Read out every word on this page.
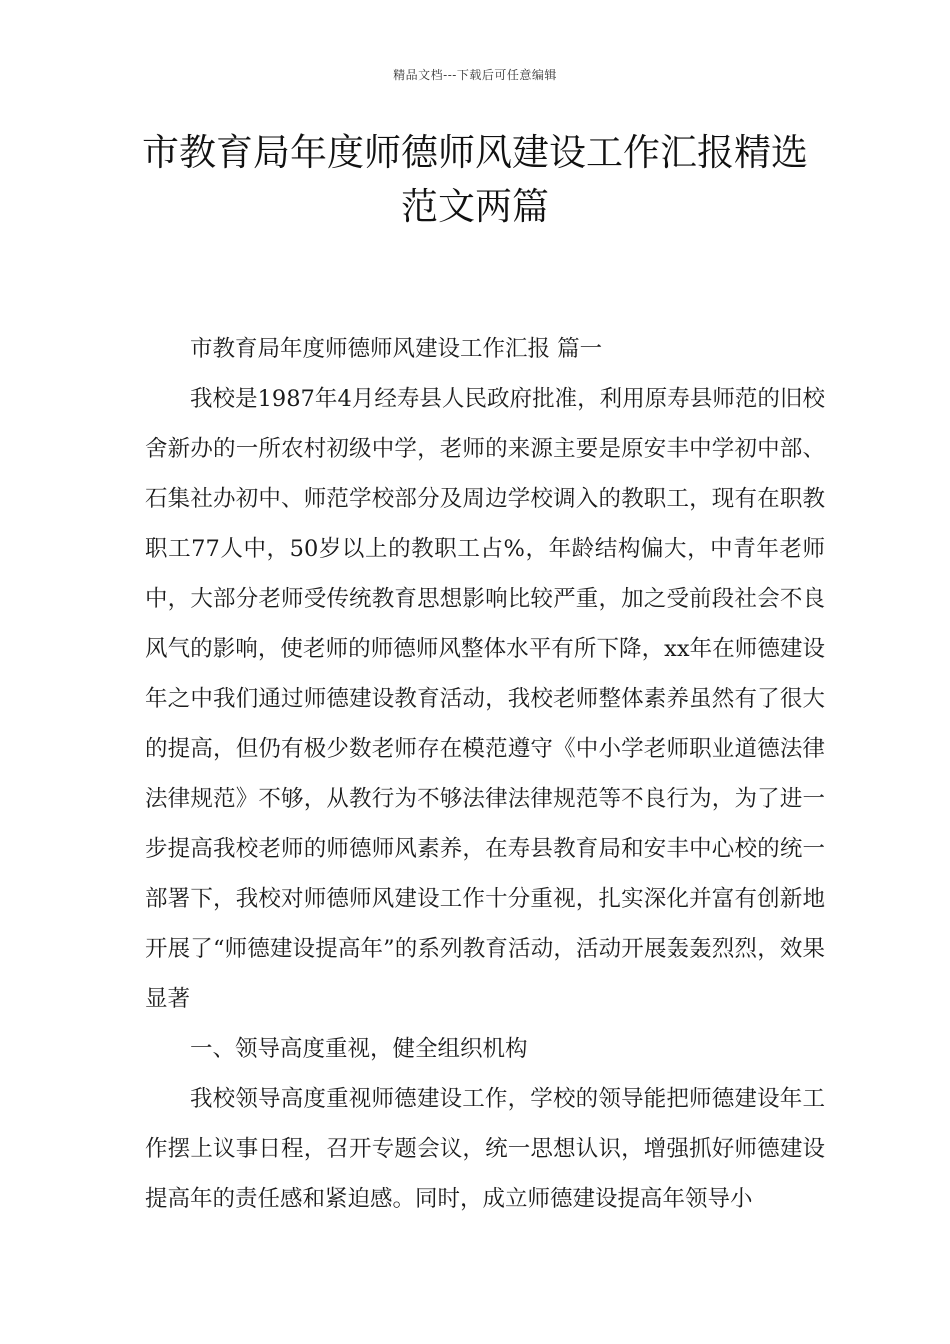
精品文档---下载后可任意编辑
市教育局年度师德师风建设工作汇报精选范文两篇

市教育局年度师德师风建设工作汇报 篇一

我校是1987年4月经寿县人民政府批准，利用原寿县师范的旧校舍新办的一所农村初级中学，老师的来源主要是原安丰中学初中部、石集社办初中、师范学校部分及周边学校调入的教职工，现有在职教职工77人中，50岁以上的教职工占%，年龄结构偏大，中青年老师中，大部分老师受传统教育思想影响比较严重，加之受前段社会不良风气的影响，使老师的师德师风整体水平有所下降，xx年在师德建设年之中我们通过师德建设教育活动，我校老师整体素养虽然有了很大的提高，但仍有极少数老师存在模范遵守《中小学老师职业道德法律法律规范》不够，从教行为不够法律法律规范等不良行为，为了进一步提高我校老师的师德师风素养，在寿县教育局和安丰中心校的统一部署下，我校对师德师风建设工作十分重视，扎实深化并富有创新地开展了“师德建设提高年”的系列教育活动，活动开展轰轰烈烈，效果显著

一、领导高度重视，健全组织机构

我校领导高度重视师德建设工作，学校的领导能把师德建设年工作摆上议事日程，召开专题会议，统一思想认识，增强抓好师德建设提高年的责任感和紧迫感。同时，成立师德建设提高年领导小
